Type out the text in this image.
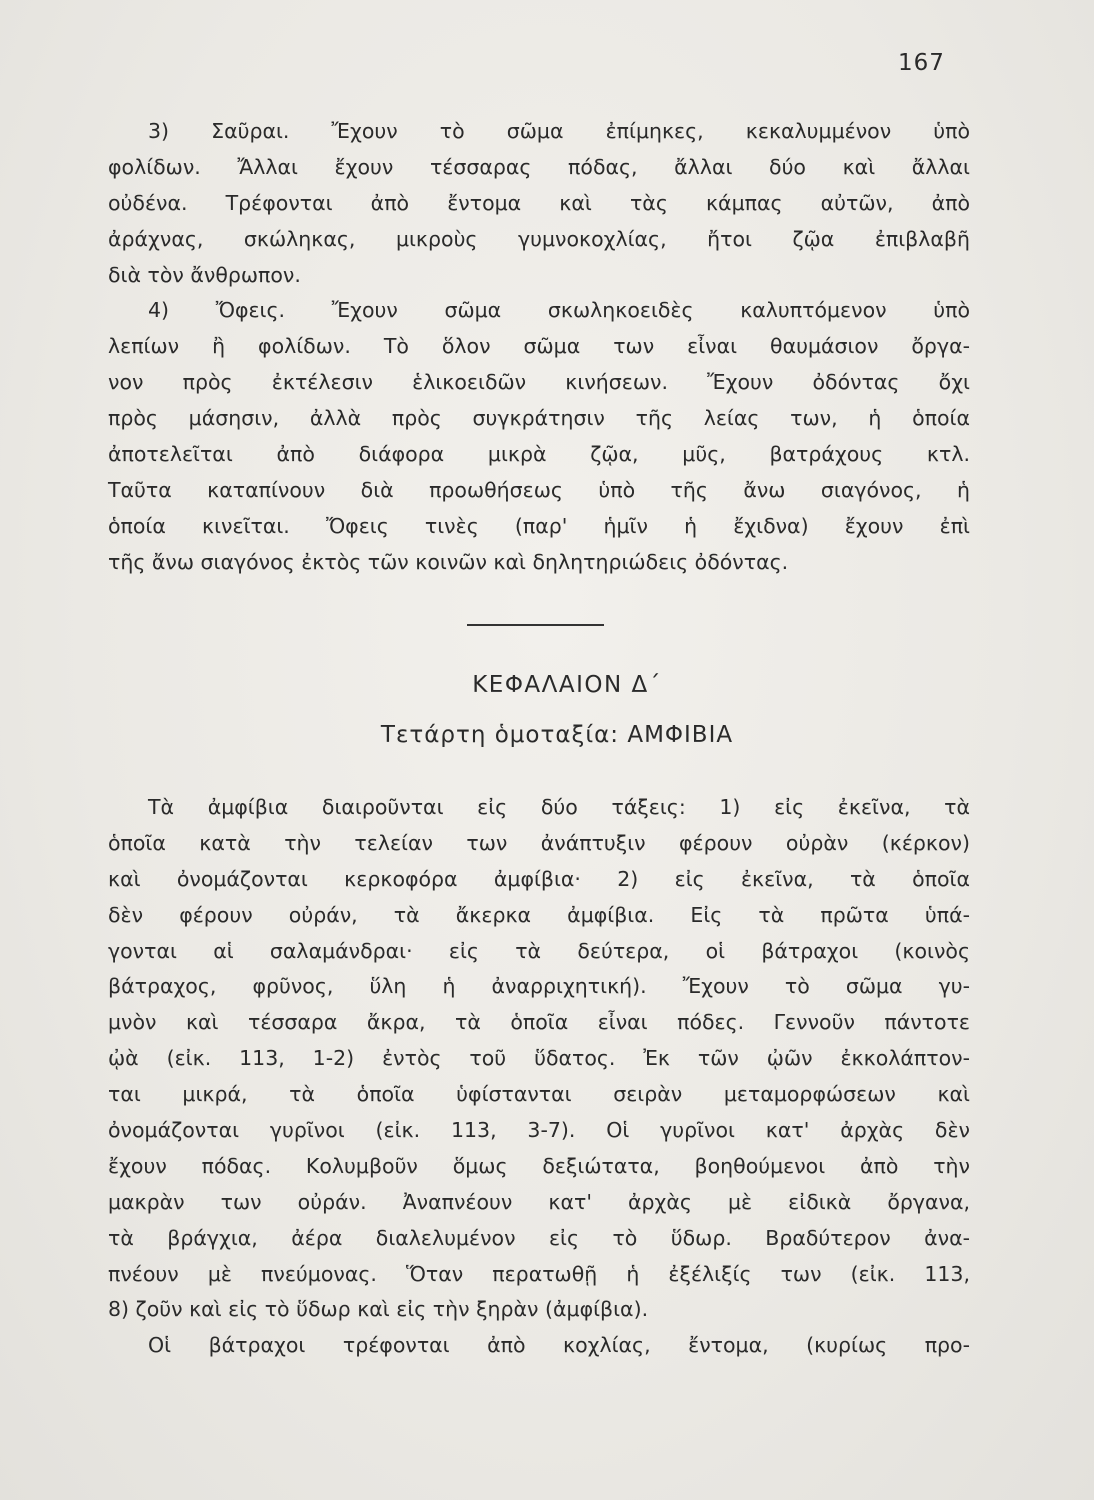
167
3) Σαῦραι. Ἔχουν τὸ σῶμα ἐπίμηκες, κεκαλυμμένον ὑπὸ
φολίδων. Ἄλλαι ἔχουν τέσσαρας πόδας, ἄλλαι δύο καὶ ἄλλαι
οὐδένα. Τρέφονται ἀπὸ ἔντομα καὶ τὰς κάμπας αὐτῶν, ἀπὸ
ἀράχνας, σκώληκας, μικροὺς γυμνοκοχλίας, ἤτοι ζῷα ἐπιβλαβῆ
διὰ τὸν ἄνθρωπον.
4) Ὄφεις. Ἔχουν σῶμα σκωληκοειδὲς καλυπτόμενον ὑπὸ
λεπίων ἢ φολίδων. Τὸ ὅλον σῶμα των εἶναι θαυμάσιον ὄργα-
νον πρὸς ἐκτέλεσιν ἑλικοειδῶν κινήσεων. Ἔχουν ὀδόντας ὄχι
πρὸς μάσησιν, ἀλλὰ πρὸς συγκράτησιν τῆς λείας των, ἡ ὁποία
ἀποτελεῖται ἀπὸ διάφορα μικρὰ ζῷα, μῦς, βατράχους κτλ.
Ταῦτα καταπίνουν διὰ προωθήσεως ὑπὸ τῆς ἄνω σιαγόνος, ἡ
ὁποία κινεῖται. Ὄφεις τινὲς (παρ' ἡμῖν ἡ ἔχιδνα) ἔχουν ἐπὶ
τῆς ἄνω σιαγόνος ἐκτὸς τῶν κοινῶν καὶ δηλητηριώδεις ὀδόντας.
ΚΕΦΑΛΑΙΟΝ Δ΄
Τετάρτη ὁμοταξία: ΑΜΦΙΒΙΑ
Τὰ ἀμφίβια διαιροῦνται εἰς δύο τάξεις: 1) εἰς ἐκεῖνα, τὰ
ὁποῖα κατὰ τὴν τελείαν των ἀνάπτυξιν φέρουν οὐρὰν (κέρκον)
καὶ ὀνομάζονται κερκοφόρα ἀμφίβια· 2) εἰς ἐκεῖνα, τὰ ὁποῖα
δὲν φέρουν οὐράν, τὰ ἄκερκα ἀμφίβια. Εἰς τὰ πρῶτα ὑπά-
γονται αἱ σαλαμάνδραι· εἰς τὰ δεύτερα, οἱ βάτραχοι (κοινὸς
βάτραχος, φρῦνος, ὕλη ἡ ἀναρριχητική). Ἔχουν τὸ σῶμα γυ-
μνὸν καὶ τέσσαρα ἄκρα, τὰ ὁποῖα εἶναι πόδες. Γεννοῦν πάντοτε
ᾠὰ (εἰκ. 113, 1-2) ἐντὸς τοῦ ὕδατος. Ἐκ τῶν ᾠῶν ἐκκολάπτον-
ται μικρά, τὰ ὁποῖα ὑφίστανται σειρὰν μεταμορφώσεων καὶ
ὀνομάζονται γυρῖνοι (εἰκ. 113, 3-7). Οἱ γυρῖνοι κατ' ἀρχὰς δὲν
ἔχουν πόδας. Κολυμβοῦν ὅμως δεξιώτατα, βοηθούμενοι ἀπὸ τὴν
μακρὰν των οὐράν. Ἀναπνέουν κατ' ἀρχὰς μὲ εἰδικὰ ὄργανα,
τὰ βράγχια, ἀέρα διαλελυμένον εἰς τὸ ὕδωρ. Βραδύτερον ἀνα-
πνέουν μὲ πνεύμονας. Ὅταν περατωθῇ ἡ ἐξέλιξίς των (εἰκ. 113,
8) ζοῦν καὶ εἰς τὸ ὕδωρ καὶ εἰς τὴν ξηρὰν (ἀμφίβια).
Οἱ βάτραχοι τρέφονται ἀπὸ κοχλίας, ἔντομα, (κυρίως προ-
